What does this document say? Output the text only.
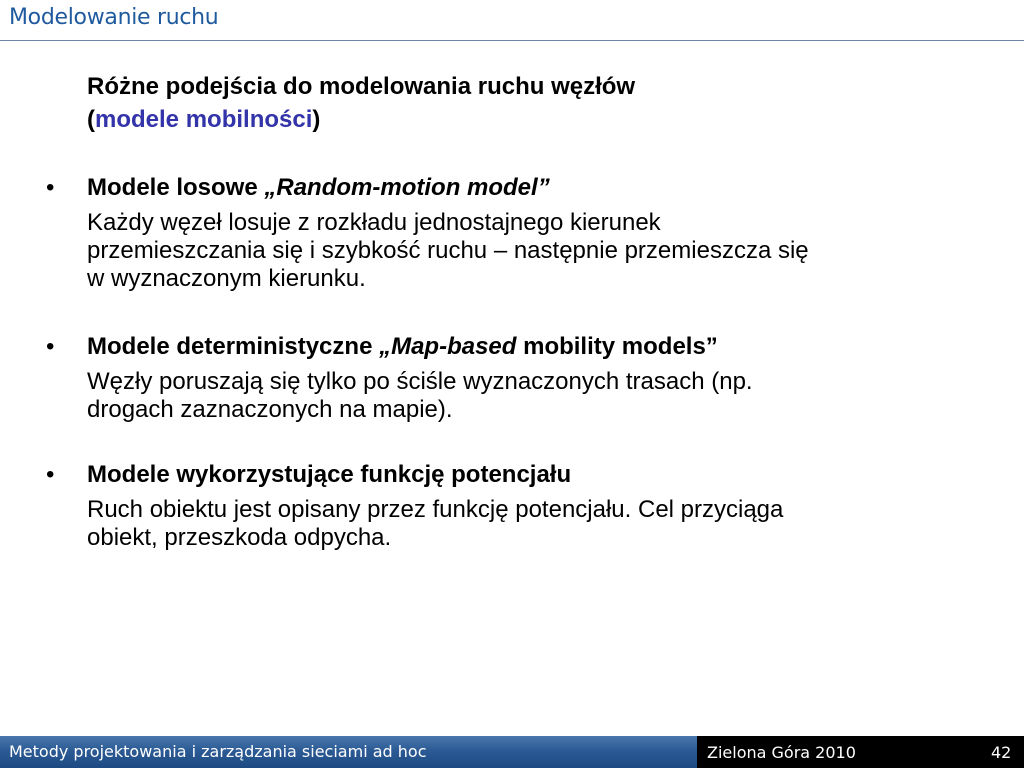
Modelowanie ruchu
Różne podejścia do modelowania ruchu węzłów
(modele mobilności)
• Modele losowe „Random-motion model”
Każdy węzeł losuje z rozkładu jednostajnego kierunek
przemieszczania się i szybkość ruchu – następnie przemieszcza się
w wyznaczonym kierunku.
• Modele deterministyczne „Map-based mobility models”
Węzły poruszają się tylko po ściśle wyznaczonych trasach (np.
drogach zaznaczonych na mapie).
• Modele wykorzystujące funkcję potencjału
Ruch obiektu jest opisany przez funkcję potencjału. Cel przyciąga
obiekt, przeszkoda odpycha.
Metody projektowania i zarządzania sieciami ad hoc	Zielona Góra 2010	42
